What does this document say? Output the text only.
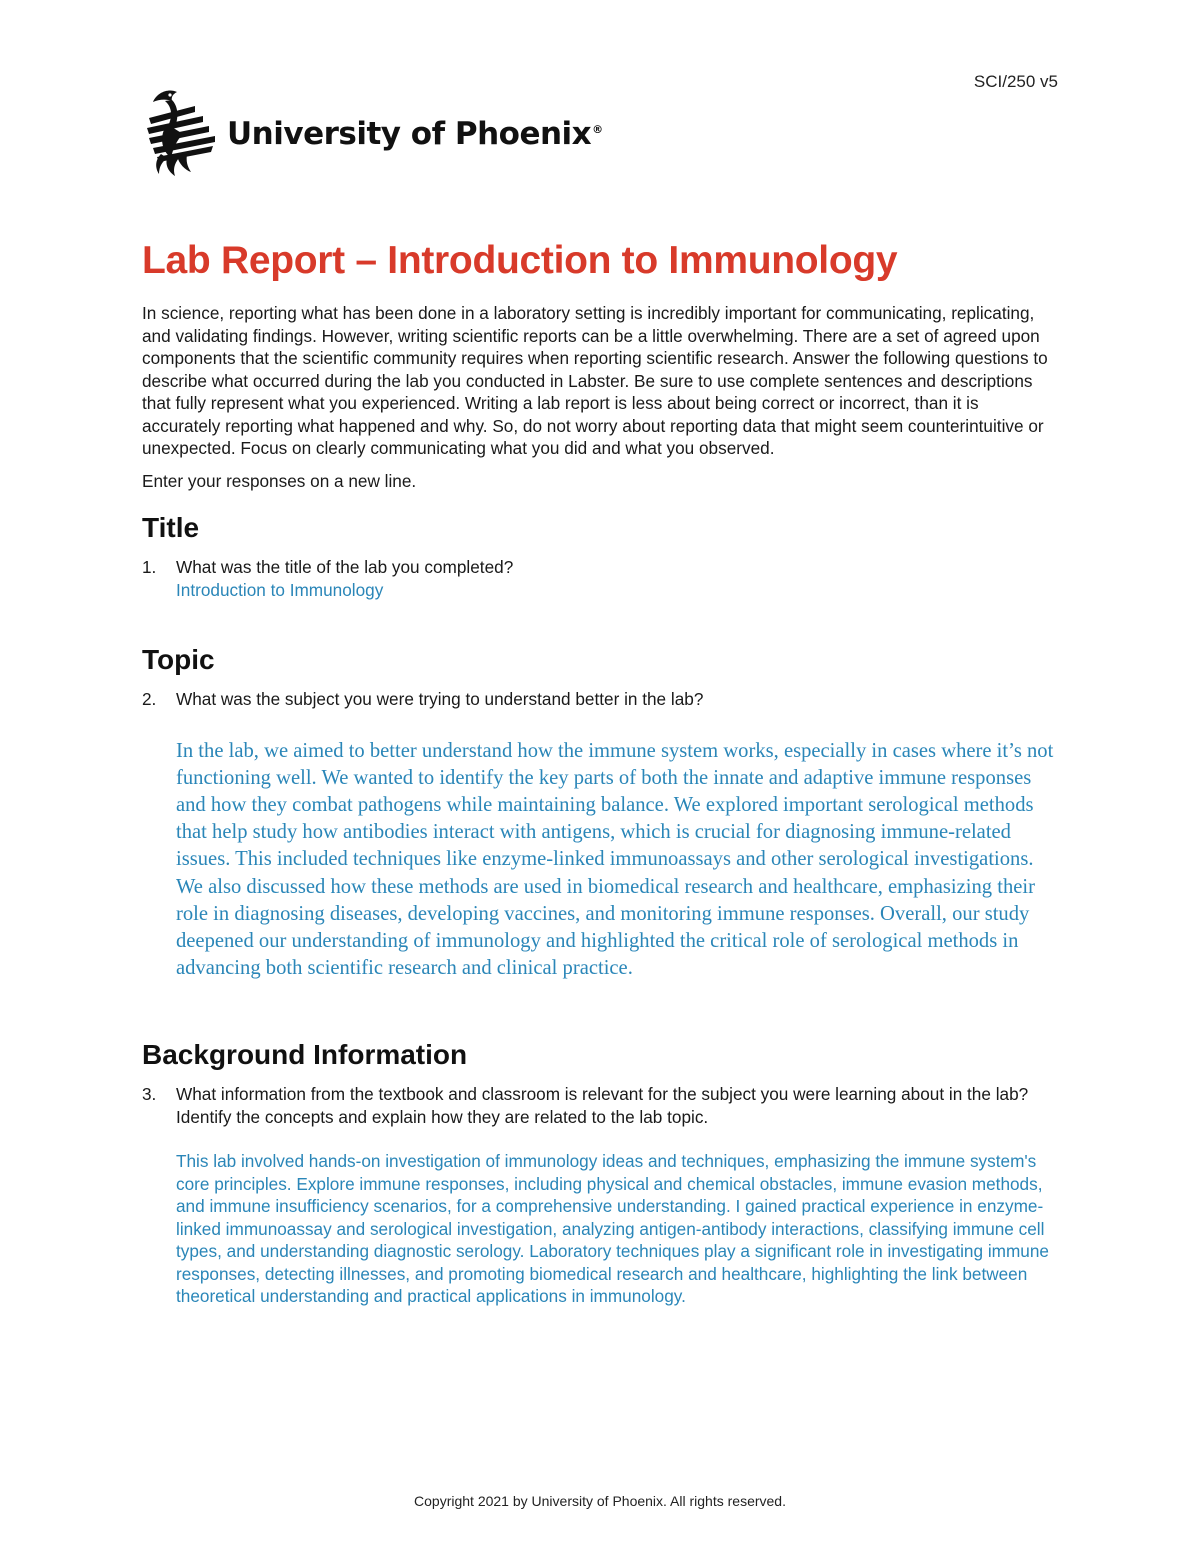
SCI/250 v5
University of Phoenix®
Lab Report – Introduction to Immunology

In science, reporting what has been done in a laboratory setting is incredibly important for communicating, replicating, and validating findings. However, writing scientific reports can be a little overwhelming. There are a set of agreed upon components that the scientific community requires when reporting scientific research. Answer the following questions to describe what occurred during the lab you conducted in Labster. Be sure to use complete sentences and descriptions that fully represent what you experienced. Writing a lab report is less about being correct or incorrect, than it is accurately reporting what happened and why. So, do not worry about reporting data that might seem counterintuitive or unexpected. Focus on clearly communicating what you did and what you observed.

Enter your responses on a new line.

Title
1.	What was the title of the lab you completed?
Introduction to Immunology
Topic
2.	What was the subject you were trying to understand better in the lab?

In the lab, we aimed to better understand how the immune system works, especially in cases where it’s not functioning well. We wanted to identify the key parts of both the innate and adaptive immune responses and how they combat pathogens while maintaining balance. We explored important serological methods that help study how antibodies interact with antigens, which is crucial for diagnosing immune-related issues. This included techniques like enzyme-linked immunoassays and other serological investigations. We also discussed how these methods are used in biomedical research and healthcare, emphasizing their role in diagnosing diseases, developing vaccines, and monitoring immune responses. Overall, our study deepened our understanding of immunology and highlighted the critical role of serological methods in advancing both scientific research and clinical practice.

Background Information
3.	What information from the textbook and classroom is relevant for the subject you were learning about in the lab? Identify the concepts and explain how they are related to the lab topic.
This lab involved hands-on investigation of immunology ideas and techniques, emphasizing the immune system's core principles. Explore immune responses, including physical and chemical obstacles, immune evasion methods, and immune insufficiency scenarios, for a comprehensive understanding. I gained practical experience in enzyme-linked immunoassay and serological investigation, analyzing antigen-antibody interactions, classifying immune cell types, and understanding diagnostic serology. Laboratory techniques play a significant role in investigating immune responses, detecting illnesses, and promoting biomedical research and healthcare, highlighting the link between theoretical understanding and practical applications in immunology.
Copyright 2021 by University of Phoenix. All rights reserved.
